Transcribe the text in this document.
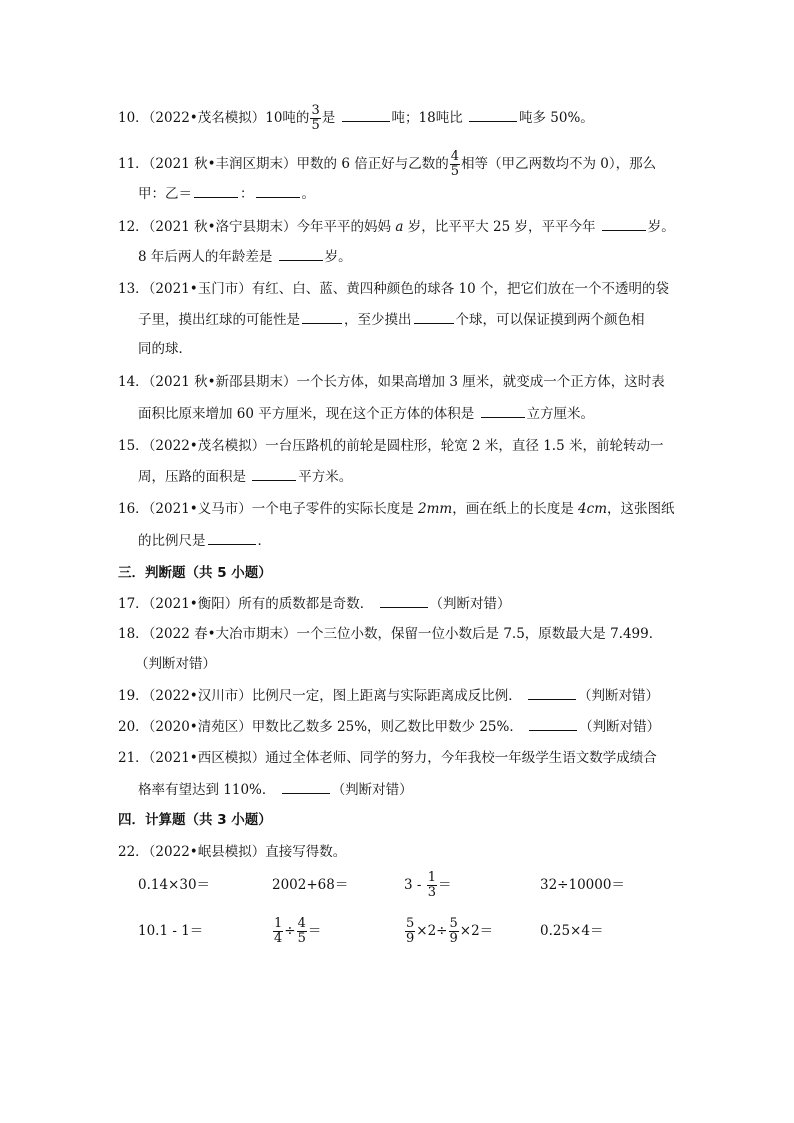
10．（2022•茂名模拟）10吨的 $\frac{3}{5}$ 是	吨；18吨比	吨多 50%。
11．（2021 秋•丰润区期末）甲数的 6 倍正好与乙数的 $\frac{4}{5}$ 相等（甲乙两数均不为 0），那么
甲：乙＝	：	。
12．（2021 秋•洛宁县期末）今年平平的妈妈 a 岁，比平平大 25 岁，平平今年	岁。
8 年后两人的年龄差是	岁。
13．（2021•玉门市）有红、白、蓝、黄四种颜色的球各 10 个，把它们放在一个不透明的袋
子里，摸出红球的可能性是	，至少摸出	个球，可以保证摸到两个颜色相
同的球．
14．（2021 秋•新邵县期末）一个长方体，如果高增加 3 厘米，就变成一个正方体，这时表
面积比原来增加 60 平方厘米，现在这个正方体的体积是	立方厘米。
15．（2022•茂名模拟）一台压路机的前轮是圆柱形，轮宽 2 米，直径 1.5 米，前轮转动一
周，压路的面积是	平方米。
16．（2021•义马市）一个电子零件的实际长度是 2mm，画在纸上的长度是 4cm，这张图纸
的比例尺是	．
三．判断题（共 5 小题）
17．（2021•衡阳）所有的质数都是奇数．	（判断对错）
18．（2022 春•大冶市期末）一个三位小数，保留一位小数后是 7.5，原数最大是 7.499．
（判断对错）
19．（2022•汉川市）比例尺一定，图上距离与实际距离成反比例．	（判断对错）
20．（2020•清苑区）甲数比乙数多 25%，则乙数比甲数少 25%．	（判断对错）
21．（2021•西区模拟）通过全体老师、同学的努力，今年我校一年级学生语文数学成绩合
格率有望达到 110%．	（判断对错）
四．计算题（共 3 小题）
22．（2022•岷县模拟）直接写得数。
0.14×30＝	2002+68＝	$3 - \frac{1}{3}$ ＝	32÷10000＝
10.1 - 1＝	$\frac{1}{4} \div \frac{4}{5}$ ＝	$\frac{5}{9} \times 2\div \frac{5}{9} \times 2=$	0.25×4＝
